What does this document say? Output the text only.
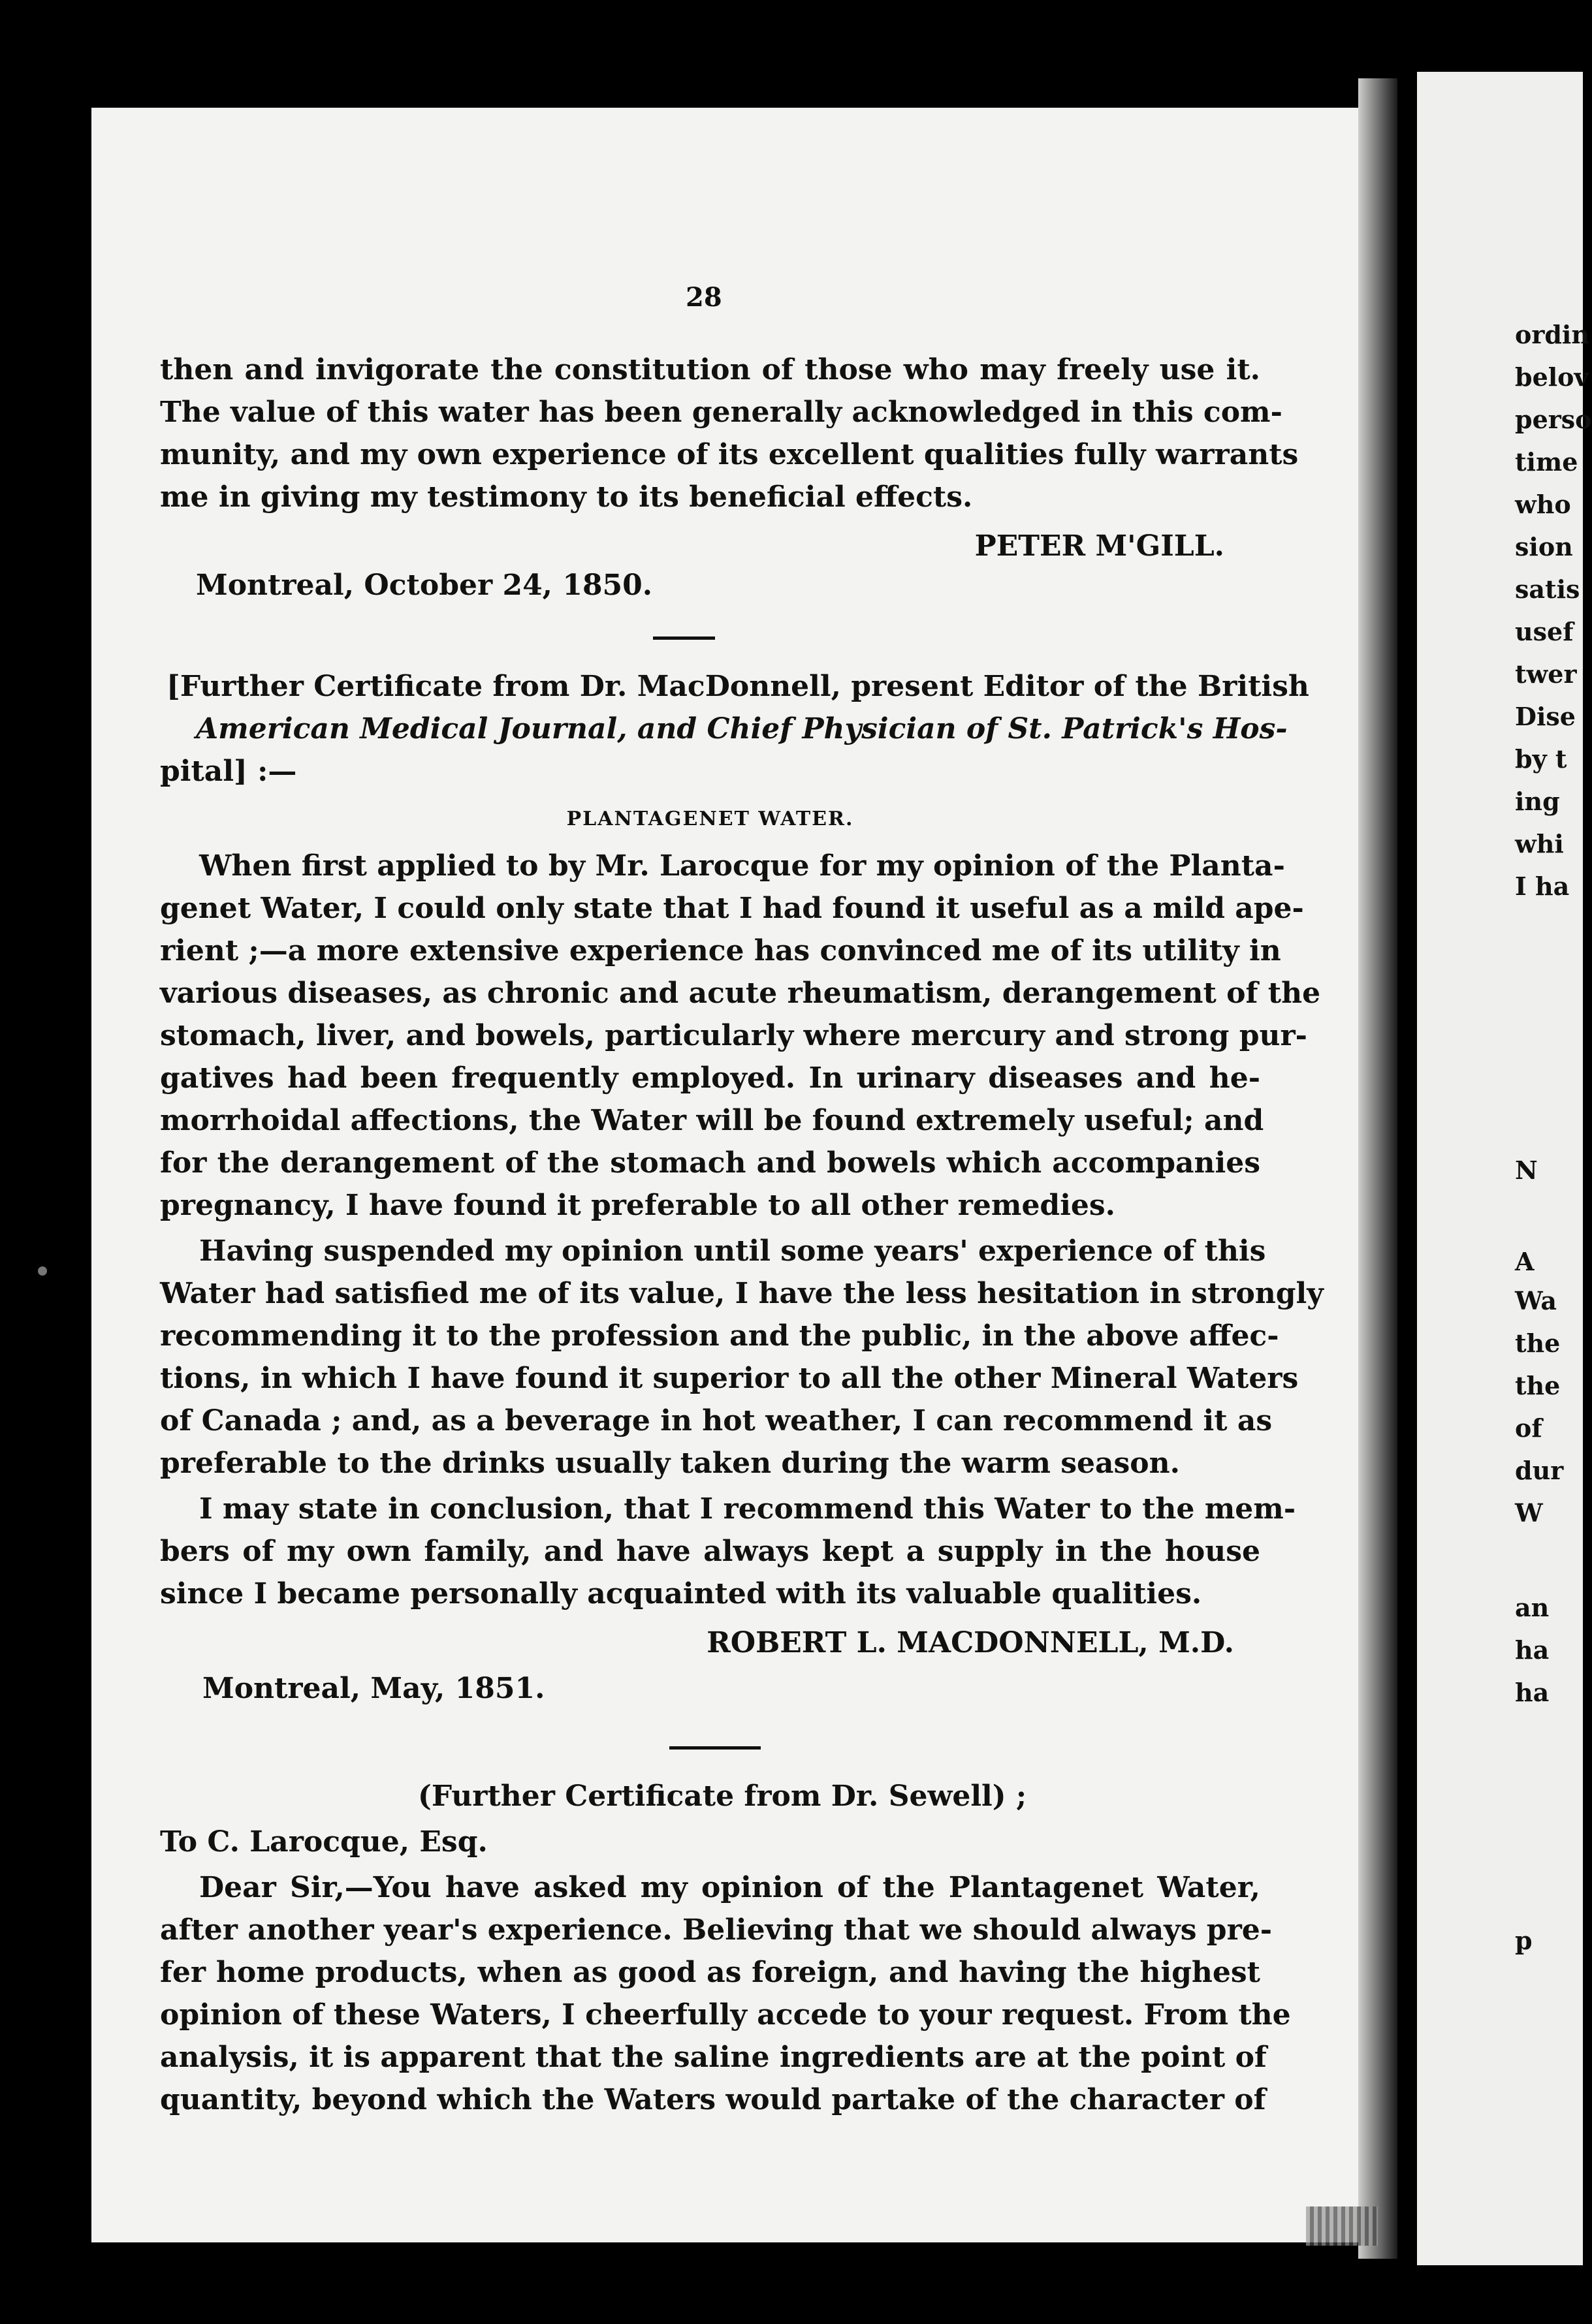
ordin
belov
perso
time
who
sion
satis
usef
twer
Dise
by t
ing
whi
I ha
N
A
Wa
the
the
of
dur
W
an
ha
ha
p
28
then and invigorate the constitution of those who may freely use it.
The value of this water has been generally acknowledged in this com-
munity, and my own experience of its excellent qualities fully warrants
me in giving my testimony to its beneficial effects.
PETER M'GILL.
Montreal, October 24, 1850.
[Further Certificate from Dr. MacDonnell, present Editor of the British
American Medical Journal, and Chief Physician of St. Patrick's Hos-
pital] :—
PLANTAGENET WATER.
When first applied to by Mr. Larocque for my opinion of the Planta-
genet Water, I could only state that I had found it useful as a mild ape-
rient ;—a more extensive experience has convinced me of its utility in
various diseases, as chronic and acute rheumatism, derangement of the
stomach, liver, and bowels, particularly where mercury and strong pur-
gatives had been frequently employed. In urinary diseases and he-
morrhoidal affections, the Water will be found extremely useful; and
for the derangement of the stomach and bowels which accompanies
pregnancy, I have found it preferable to all other remedies.
Having suspended my opinion until some years' experience of this
Water had satisfied me of its value, I have the less hesitation in strongly
recommending it to the profession and the public, in the above affec-
tions, in which I have found it superior to all the other Mineral Waters
of Canada ; and, as a beverage in hot weather, I can recommend it as
preferable to the drinks usually taken during the warm season.
I may state in conclusion, that I recommend this Water to the mem-
bers of my own family, and have always kept a supply in the house
since I became personally acquainted with its valuable qualities.
ROBERT L. MACDONNELL, M.D.
Montreal, May, 1851.
(Further Certificate from Dr. Sewell) ;
To C. Larocque, Esq.
Dear Sir,—You have asked my opinion of the Plantagenet Water,
after another year's experience. Believing that we should always pre-
fer home products, when as good as foreign, and having the highest
opinion of these Waters, I cheerfully accede to your request. From the
analysis, it is apparent that the saline ingredients are at the point of
quantity, beyond which the Waters would partake of the character of
